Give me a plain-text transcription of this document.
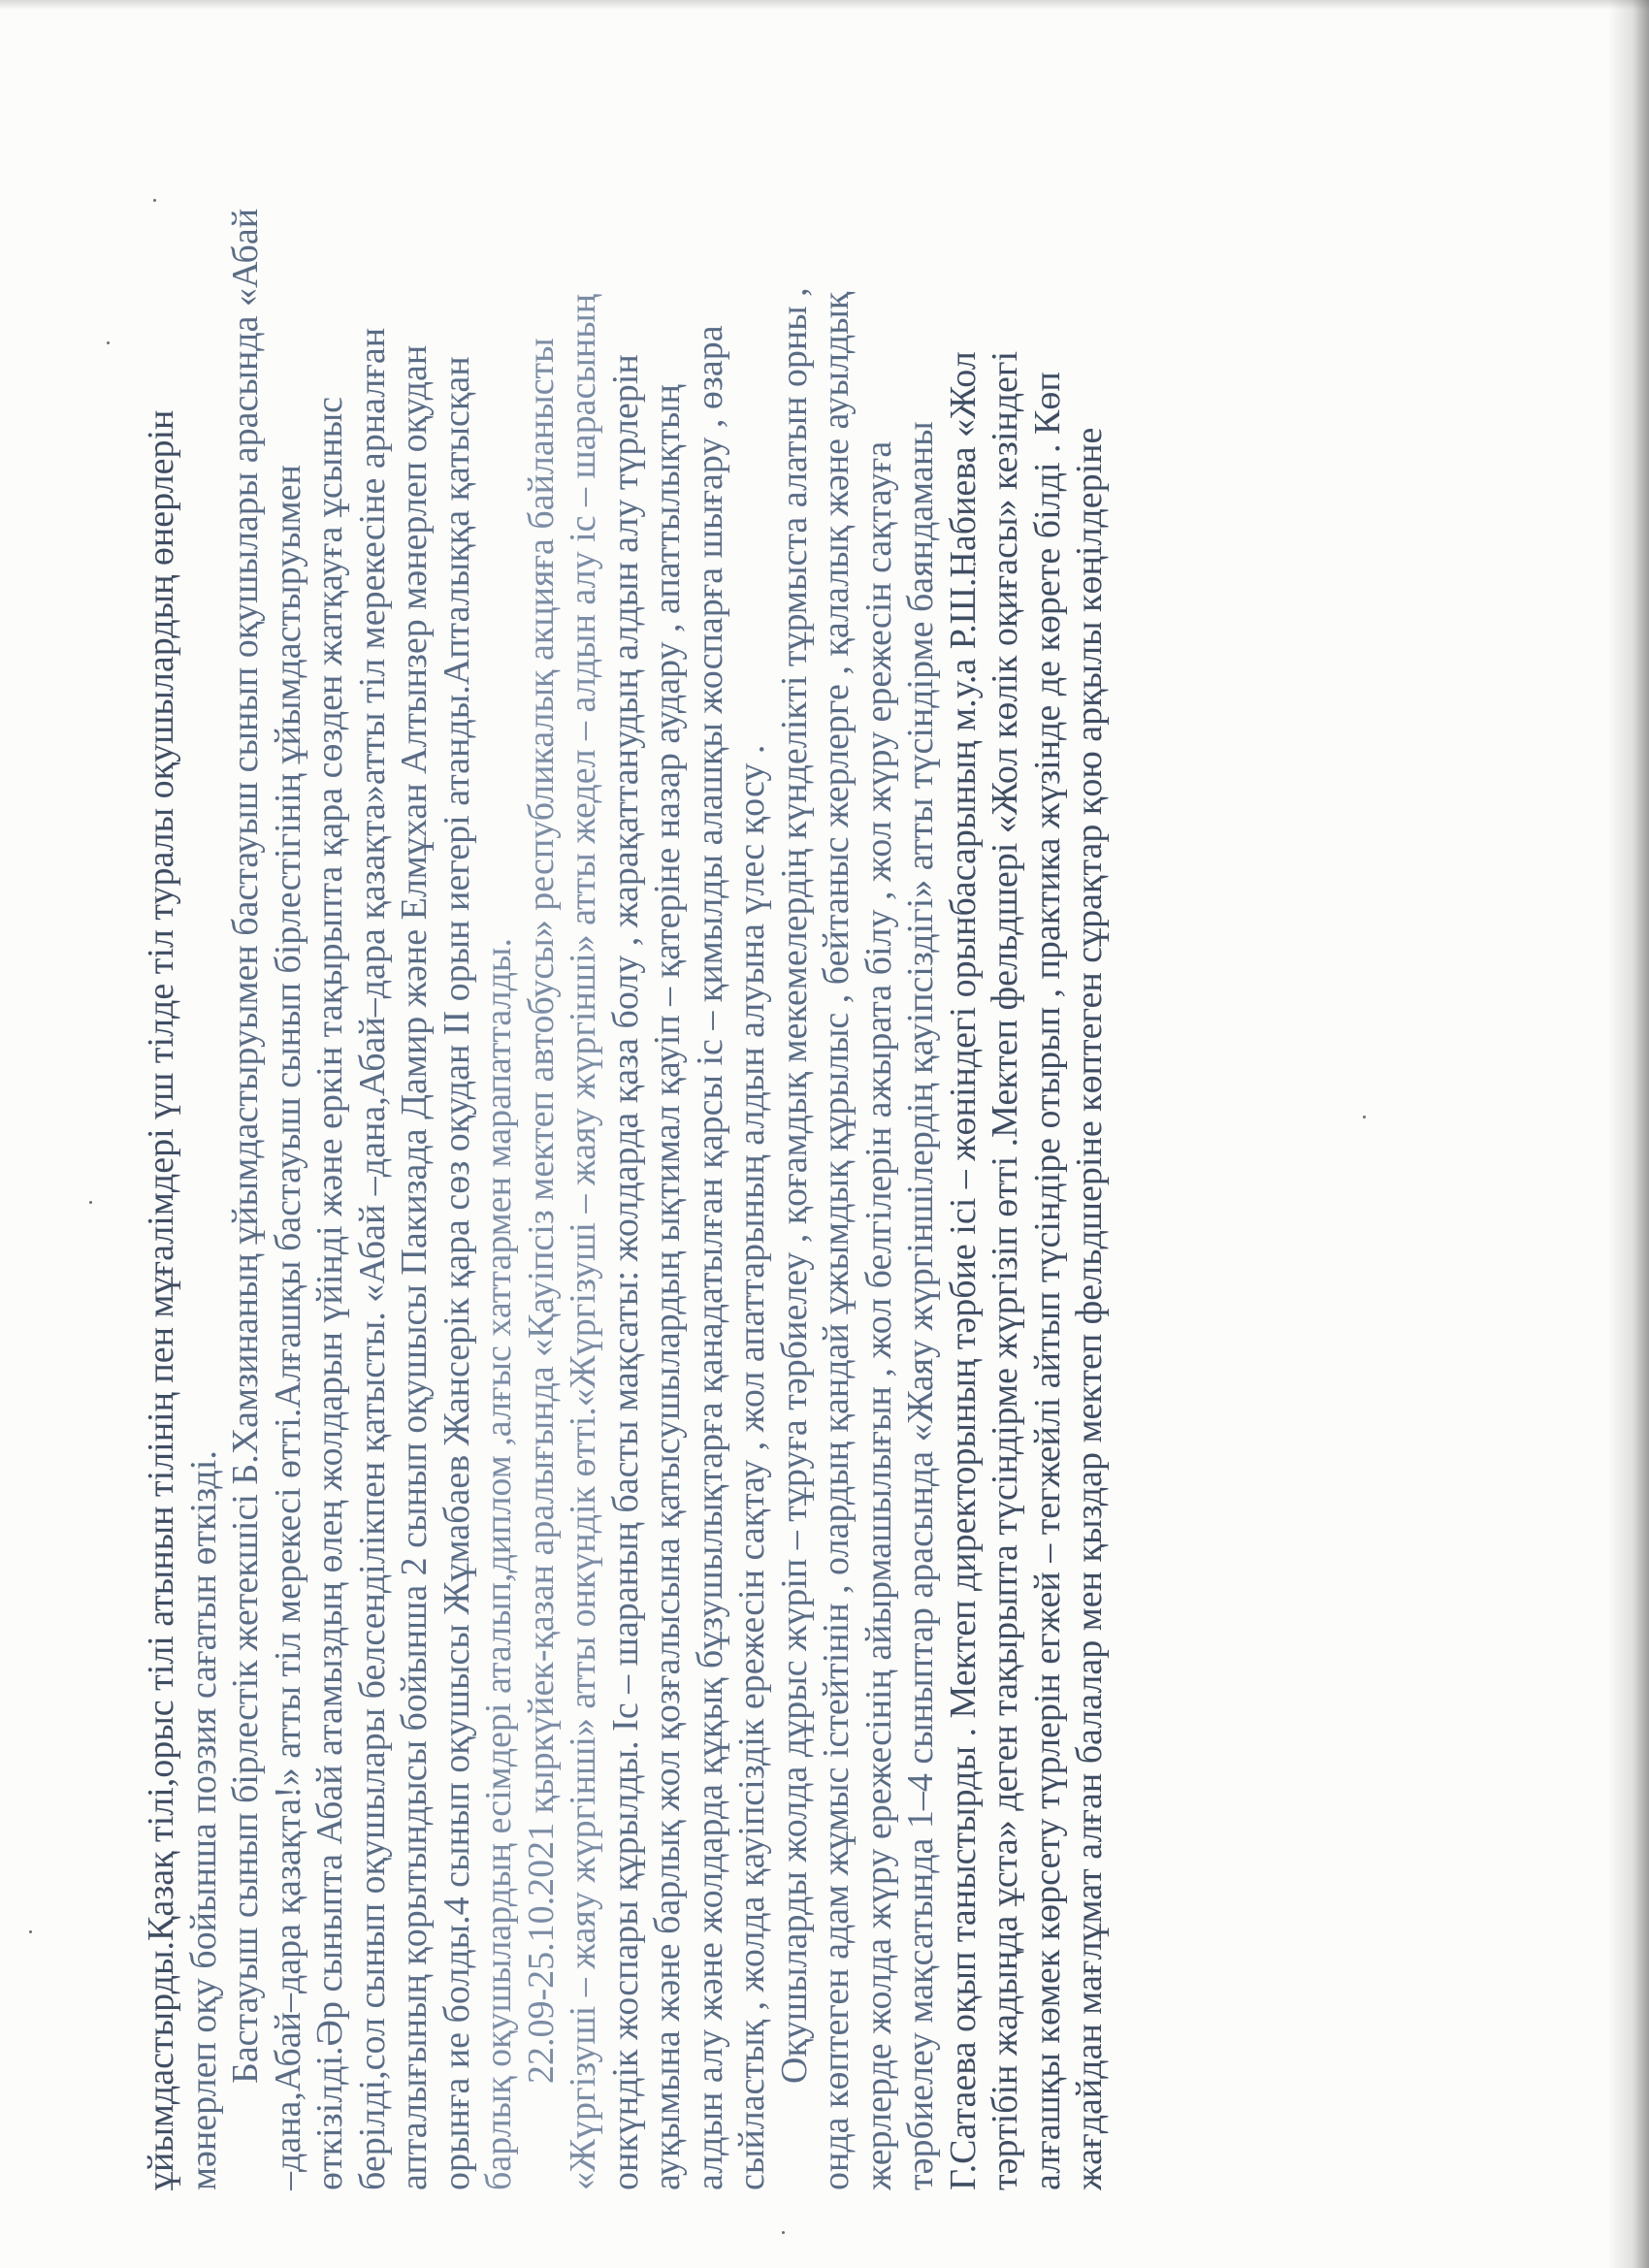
ұйымдастырды.Қазақ тілі,орыс тілі атынын тілінің пен мұғалімдері үш тілде тіл туралы оқушылардың өнерлерін мәнерлеп оқу бойынша поэзия сағатын өткізді. Бастауыш сынып бірлестік жетекшісі Б.Хамзинаның ұйымдастыруымен бастауыш сынып оқушылары арасында «Абай –дана,Абай–дара қазақта!» атты тіл мерекесі өтті.Алғашқы бастауыш сынып бірлестігінің ұйымдастыруымен өткізілді.Әр сыныпта Абай атамыздың өлең жолдарын үйінді және еркін тақырыпта қара сөзден жатқауға ұсыныс берілді,сол сынып оқушылары белсенділікпен қатысты. «Абай –дана,Абай–дара қазақта»атты тіл мерекесіне арналған апталығының қорытындысы бойынша 2 сынып оқушысы Пакизада Дамир және Елмұхан Алтынзер мәнерлеп оқудан орынға ие болды.4 сынып оқушысы Жұмабаев Жансерік қара сөз оқудан II орын иегері атанды.Апталыққа қатысқан барлық оқушылардың есімдері аталып,диплом ,алғыс хаттармен марапатталды. 22.09-25.10.2021 қыркүйек-қазан аралығында «Қауіпсіз мектеп автобусы» республикалық акцияға байланысты «Жүргізуші – жаяу жүргінші» атты онкүндік өтті.«Жүргізуші – жаяу жүргінші» атты жедел – алдын алу іс – шарасының онкүндік жоспары құрылды. Іс – шараның басты мақсаты: жолдарда қаза болу , жарақаттанудың алдын алу түрлерін ауқымына және барлық жол қозғалысына қатысушылардың ықтимал қауіп – қатеріне назар аудару , апаттылықтың алдын алу және жолдарда құқық бұзушылықтарға қанадатылған қарсы іс – қимылды алашқы жоспарға шығару , өзара сыйластық , жолда қауіпсіздік ережесін сақтау , жол апаттарының алдын алуына үлес қосу . Оқушыларды жолда дұрыс жүріп – тұруға тәрбиелеу , қоғамдық мекемелердің күнделікті тұрмыста алатын орны , онда көптеген адам жұмыс істейтінін , олардың қандай ұжымдық құрылыс , бейтаныс жерлерге , қалалық және ауылдық жерлерде жолда жүру ережесінің айырмашылығын , жол белгілерін ажырата білу , жол жүру ережесін сақтауға тәрбиелеу мақсатында 1–4 сыныптар арасында «Жаяу жүргіншілердің қауіпсіздігі» атты түсіндірме баяндаманы Г.Сатаева оқып таныстырды . Мектеп директорының тәрбие ісі – жөніндегі орынбасарының м.у.а Р.Ш.Набиева «Жол тәртібін жадыңда ұста» деген тақырыпта түсіндірме жүргізіп өтті .Мектеп фельдшері «Жол көлік оқиғасы» кезіндегі алғашқы көмек көрсету түрлерін егжей – тегжейлі айтып түсіндіре отырып , практика жүзінде де көрете білді . Көп жағдайдан мағлұмат алған балалар мен қыздар мектеп фельдшеріне көптеген сұрақтар қою арқылы көңілдеріне
